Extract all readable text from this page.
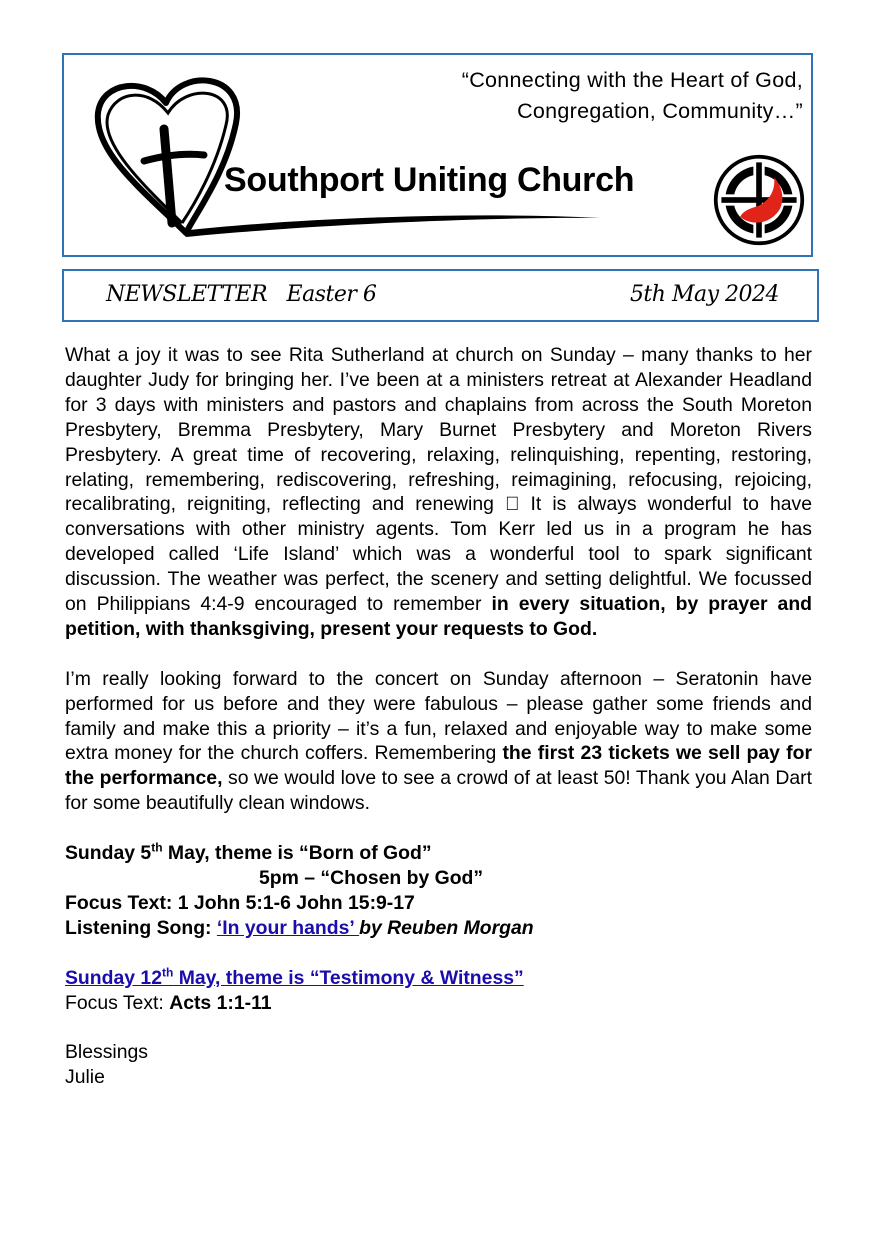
“Connecting with the Heart of God,
Congregation, Community…”
Southport Uniting Church
NEWSLETTER   Easter 6	5th May 2024

What a joy it was to see Rita Sutherland at church on Sunday – many thanks to her daughter Judy for bringing her. I’ve been at a ministers retreat at Alexander Headland for 3 days with ministers and pastors and chaplains from across the South Moreton Presbytery, Bremma Presbytery, Mary Burnet Presbytery and Moreton Rivers Presbytery. A great time of recovering, relaxing, relinquishing, repenting, restoring, relating, remembering, rediscovering, refreshing, reimagining, refocusing, rejoicing, recalibrating, reigniting, reflecting and renewing It is always wonderful to have conversations with other ministry agents. Tom Kerr led us in a program he has developed called ‘Life Island’ which was a wonderful tool to spark significant discussion. The weather was perfect, the scenery and setting delightful. We focussed on Philippians 4:4-9 encouraged to remember in every situation, by prayer and petition, with thanksgiving, present your requests to God.

I’m really looking forward to the concert on Sunday afternoon – Seratonin have performed for us before and they were fabulous – please gather some friends and family and make this a priority – it’s a fun, relaxed and enjoyable way to make some extra money for the church coffers. Remembering the first 23 tickets we sell pay for the performance, so we would love to see a crowd of at least 50! Thank you Alan Dart for some beautifully clean windows.

Sunday 5th May, theme is “Born of God”

5pm – “Chosen by God”

Focus Text: 1 John 5:1-6 John 15:9-17

Listening Song: ‘In your hands’ by Reuben Morgan

Sunday 12th May, theme is “Testimony & Witness”

Focus Text: Acts 1:1-11

Blessings

Julie
